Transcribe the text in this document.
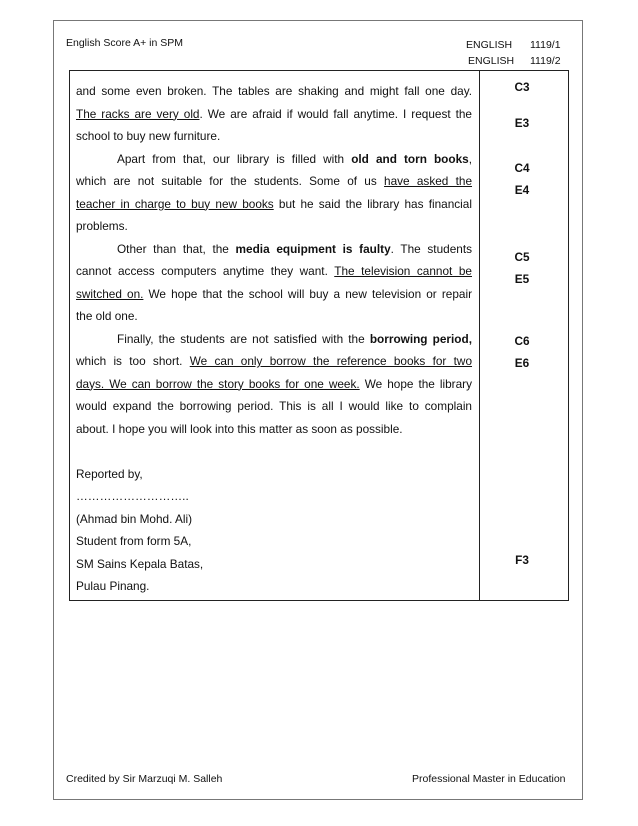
English Score A+ in SPM	ENGLISH	1119/1
ENGLISH	1119/2
and some even broken. The tables are shaking and might fall one day.
The racks are very old. We are afraid if would fall anytime. I request the
school to buy new furniture.
Apart from that, our library is filled with old and torn books,
which are not suitable for the students. Some of us have asked the
teacher in charge to buy new books but he said the library has financial
problems.
Other than that, the media equipment is faulty. The students
cannot access computers anytime they want. The television cannot be
switched on. We hope that the school will buy a new television or repair
the old one.
Finally, the students are not satisfied with the borrowing period,
which is too short. We can only borrow the reference books for two
days. We can borrow the story books for one week. We hope the library
would expand the borrowing period. This is all I would like to complain
about. I hope you will look into this matter as soon as possible.
Reported by,
………………………..
(Ahmad bin Mohd. Ali)
Student from form 5A,
SM Sains Kepala Batas,
Pulau Pinang.
C3
E3
C4
E4
C5
E5
C6
E6
F3
Credited by Sir Marzuqi M. Salleh	Professional Master in Education
